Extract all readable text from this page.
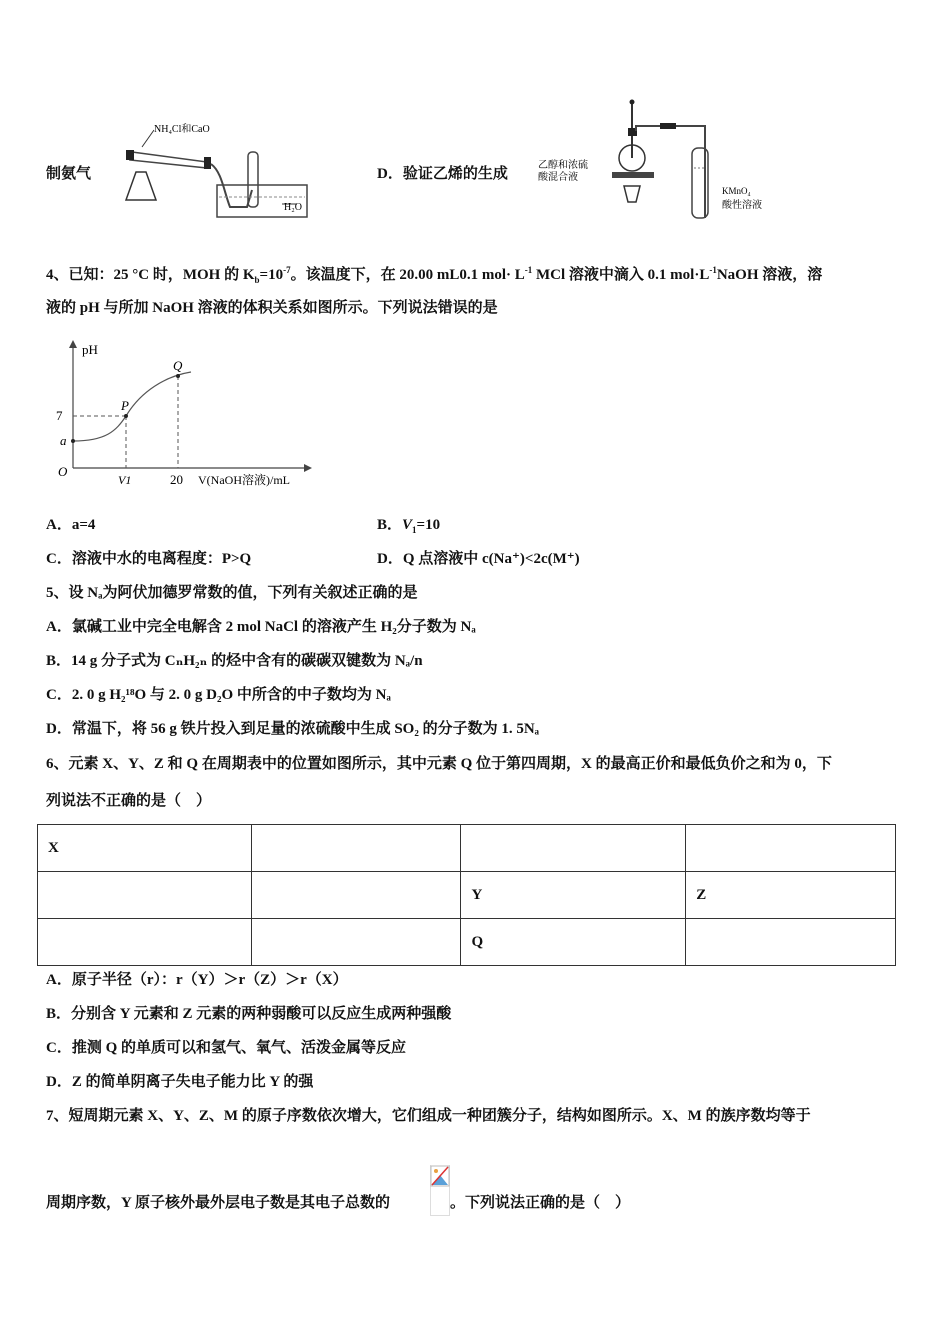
制氨气
NH₄Cl和CaO
H₂O
D．验证乙烯的生成
乙醇和浓硫
酸混合液
KMnO₄
酸性溶液
4、已知：25 °C 时，MOH 的 $K_b=10^{-7}$。该温度下，在 20.00 mL0.1 $mol\cdot L^{-1}$ MCl 溶液中滴入 0.1 $mol\cdot L^{-1}NaOH$ 溶液，溶
液的 pH 与所加 NaOH 溶液的体积关系如图所示。下列说法错误的是
pH
O
7
a
P
Q
V1	20 V(NaOH溶液)/mL
A．a=4	B．$V_1=10$
C．溶液中水的电离程度：P>Q	D．Q 点溶液中 c(Na⁺)<2c(M⁺)
5、设 Nₐ为阿伏加德罗常数的值，下列有关叙述正确的是
A．氯碱工业中完全电解含 2 mol NaCl 的溶液产生 H₂分子数为 Nₐ
B．14 g 分子式为 CₙH₂ₙ 的烃中含有的碳碳双键数为 Nₐ/n
C．2. 0 g H₂¹⁸O 与 2. 0 g D₂O 中所含的中子数均为 Nₐ
D．常温下，将 56 g 铁片投入到足量的浓硫酸中生成 SO₂ 的分子数为 1. 5Nₐ
6、元素 X、Y、Z 和 Q 在周期表中的位置如图所示，其中元素 Q 位于第四周期，X 的最高正价和最低负价之和为 0，下
列说法不正确的是（　）
X			
		Y	Z
		Q	
A．原子半径（r）：r（Y）＞r（Z）＞r（X）
B．分别含 Y 元素和 Z 元素的两种弱酸可以反应生成两种强酸
C．推测 Q 的单质可以和氢气、氧气、活泼金属等反应
D．Z 的简单阴离子失电子能力比 Y 的强
7、短周期元素 X、Y、Z、M 的原子序数依次增大，它们组成一种团簇分子，结构如图所示。X、M 的族序数均等于
周期序数，Y 原子核外最外层电子数是其电子总数的	。下列说法正确的是（　）
